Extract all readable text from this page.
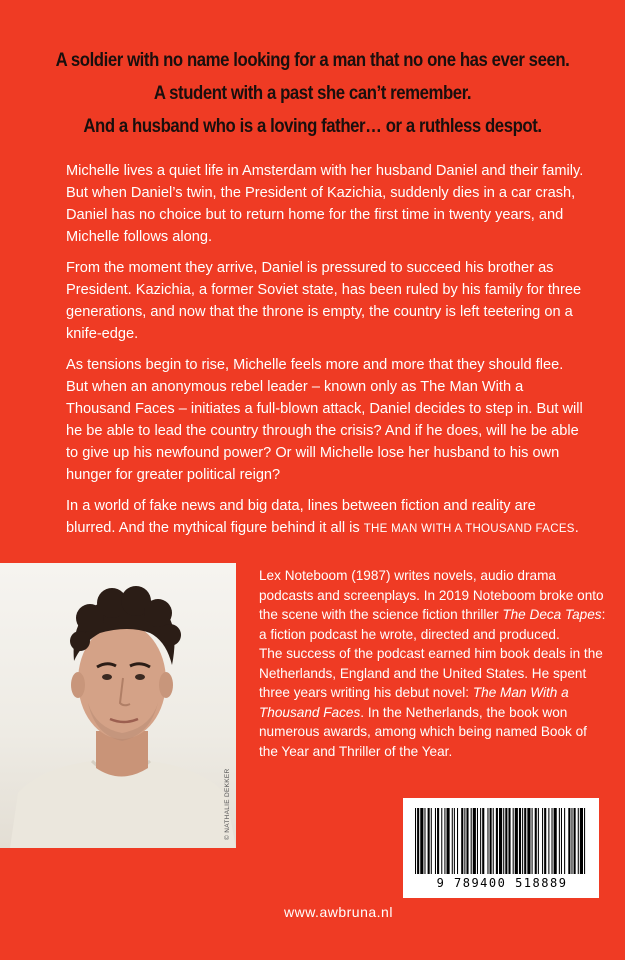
A soldier with no name looking for a man that no one has ever seen.
A student with a past she can’t remember.
And a husband who is a loving father… or a ruthless despot.

Michelle lives a quiet life in Amsterdam with her husband Daniel and their family. But when Daniel’s twin, the President of Kazichia, suddenly dies in a car crash, Daniel has no choice but to return home for the first time in twenty years, and Michelle follows along.

From the moment they arrive, Daniel is pressured to succeed his brother as President. Kazichia, a former Soviet state, has been ruled by his family for three generations, and now that the throne is empty, the country is left teetering on a knife-edge.

As tensions begin to rise, Michelle feels more and more that they should flee. But when an anonymous rebel leader – known only as The Man With a Thousand Faces – initiates a full-blown attack, Daniel decides to step in. But will he be able to lead the country through the crisis? And if he does, will he be able to give up his newfound power? Or will Michelle lose her husband to his own hunger for greater political reign?

In a world of fake news and big data, lines between fiction and reality are blurred. And the mythical figure behind it all is THE MAN WITH A THOUSAND FACES.

© NATHALIE DEKKER

Lex Noteboom (1987) writes novels, audio drama podcasts and screenplays. In 2019 Noteboom broke onto the scene with the science fiction thriller The Deca Tapes: a fiction podcast he wrote, directed and produced.

The success of the podcast earned him book deals in the Netherlands, England and the United States. He spent three years writing his debut novel: The Man With a Thousand Faces. In the Netherlands, the book won numerous awards, among which being named Book of the Year and Thriller of the Year.

9 789400 518889
www.awbruna.nl
